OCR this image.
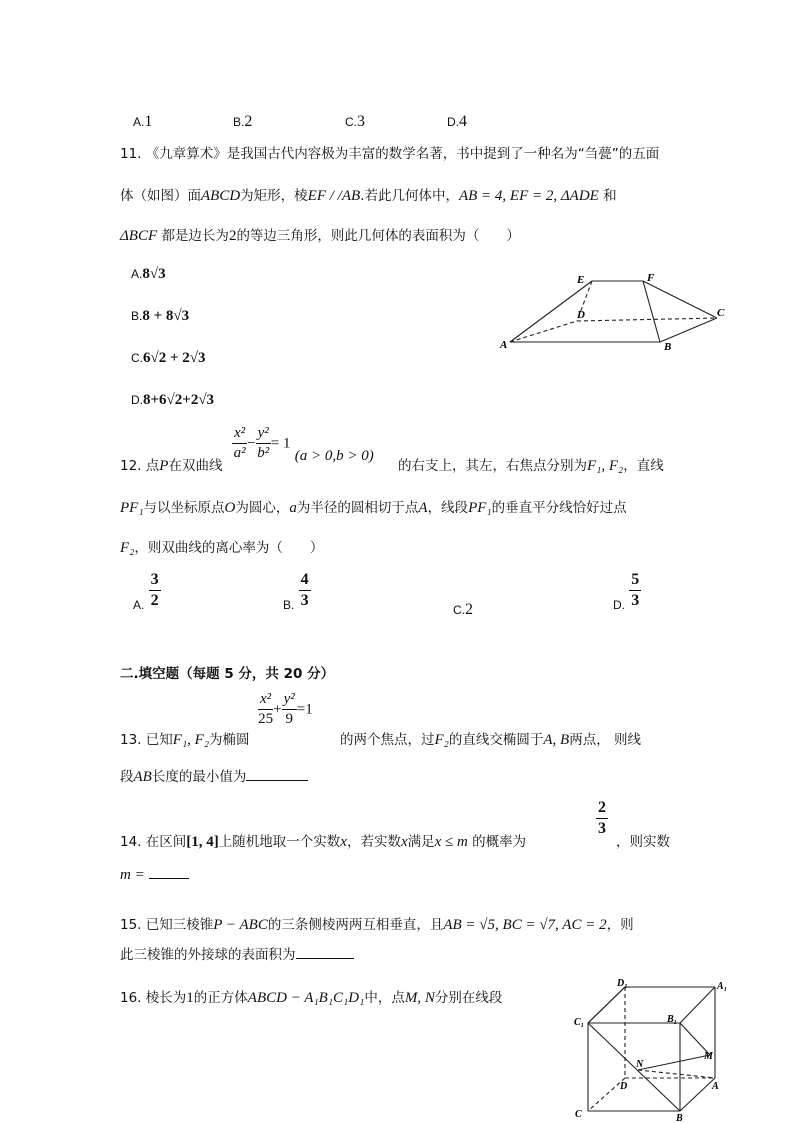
A.1	B.2	C.3	D.4
11. 《九章算术》是我国古代内容极为丰富的数学名著，书中提到了一种名为“刍甍”的五面
体（如图）面ABCD为矩形，棱EF / /AB.若此几何体中，AB = 4, EF = 2, ΔADE 和
ΔBCF 都是边长为2的等边三角形，则此几何体的表面积为（　　）
A.8√3
B.8 + 8√3
C.6√2 + 2√3
D.8+6√2+2√3
A	B
C
D
E	F
12. 点P在双曲线
$\frac{\text{x²}}{\text{a²}} - \frac{\text{y²}}{\text{b²}} = 1$ (a > 0,b > 0)
的右支上，其左，右焦点分别为F₁, F₂，直线
PF₁与以坐标原点O为圆心，a为半径的圆相切于点A，线段PF₁的垂直平分线恰好过点
F₂，则双曲线的离心率为（　　）
A. $\frac{3}{2}$	B. $\frac{4}{3}$
C.2	D. $\frac{5}{3}$
二.填空题（每题 5 分，共 20 分）
13. 已知F₁, F₂为椭圆
$\frac{\text{x²}}{25} + \frac{\text{y²}}{9} =1$
的两个焦点，过F₂的直线交椭圆于A, B两点， 则线
段AB长度的最小值为
14. 在区间[1, 4]上随机地取一个实数x，若实数x满足x ≤ m 的概率为
$\frac{2}{3}$
，则实数
m =
15. 已知三棱锥P − ABC的三条侧棱两两互相垂直，且AB = √5, BC = √7, AC = 2，则
此三棱锥的外接球的表面积为
16. 棱长为1的正方体ABCD − A₁B₁C₁D₁中，点M, N分别在线段
D₁	A₁
C₁	B₁
N
M
D	A
C	B
